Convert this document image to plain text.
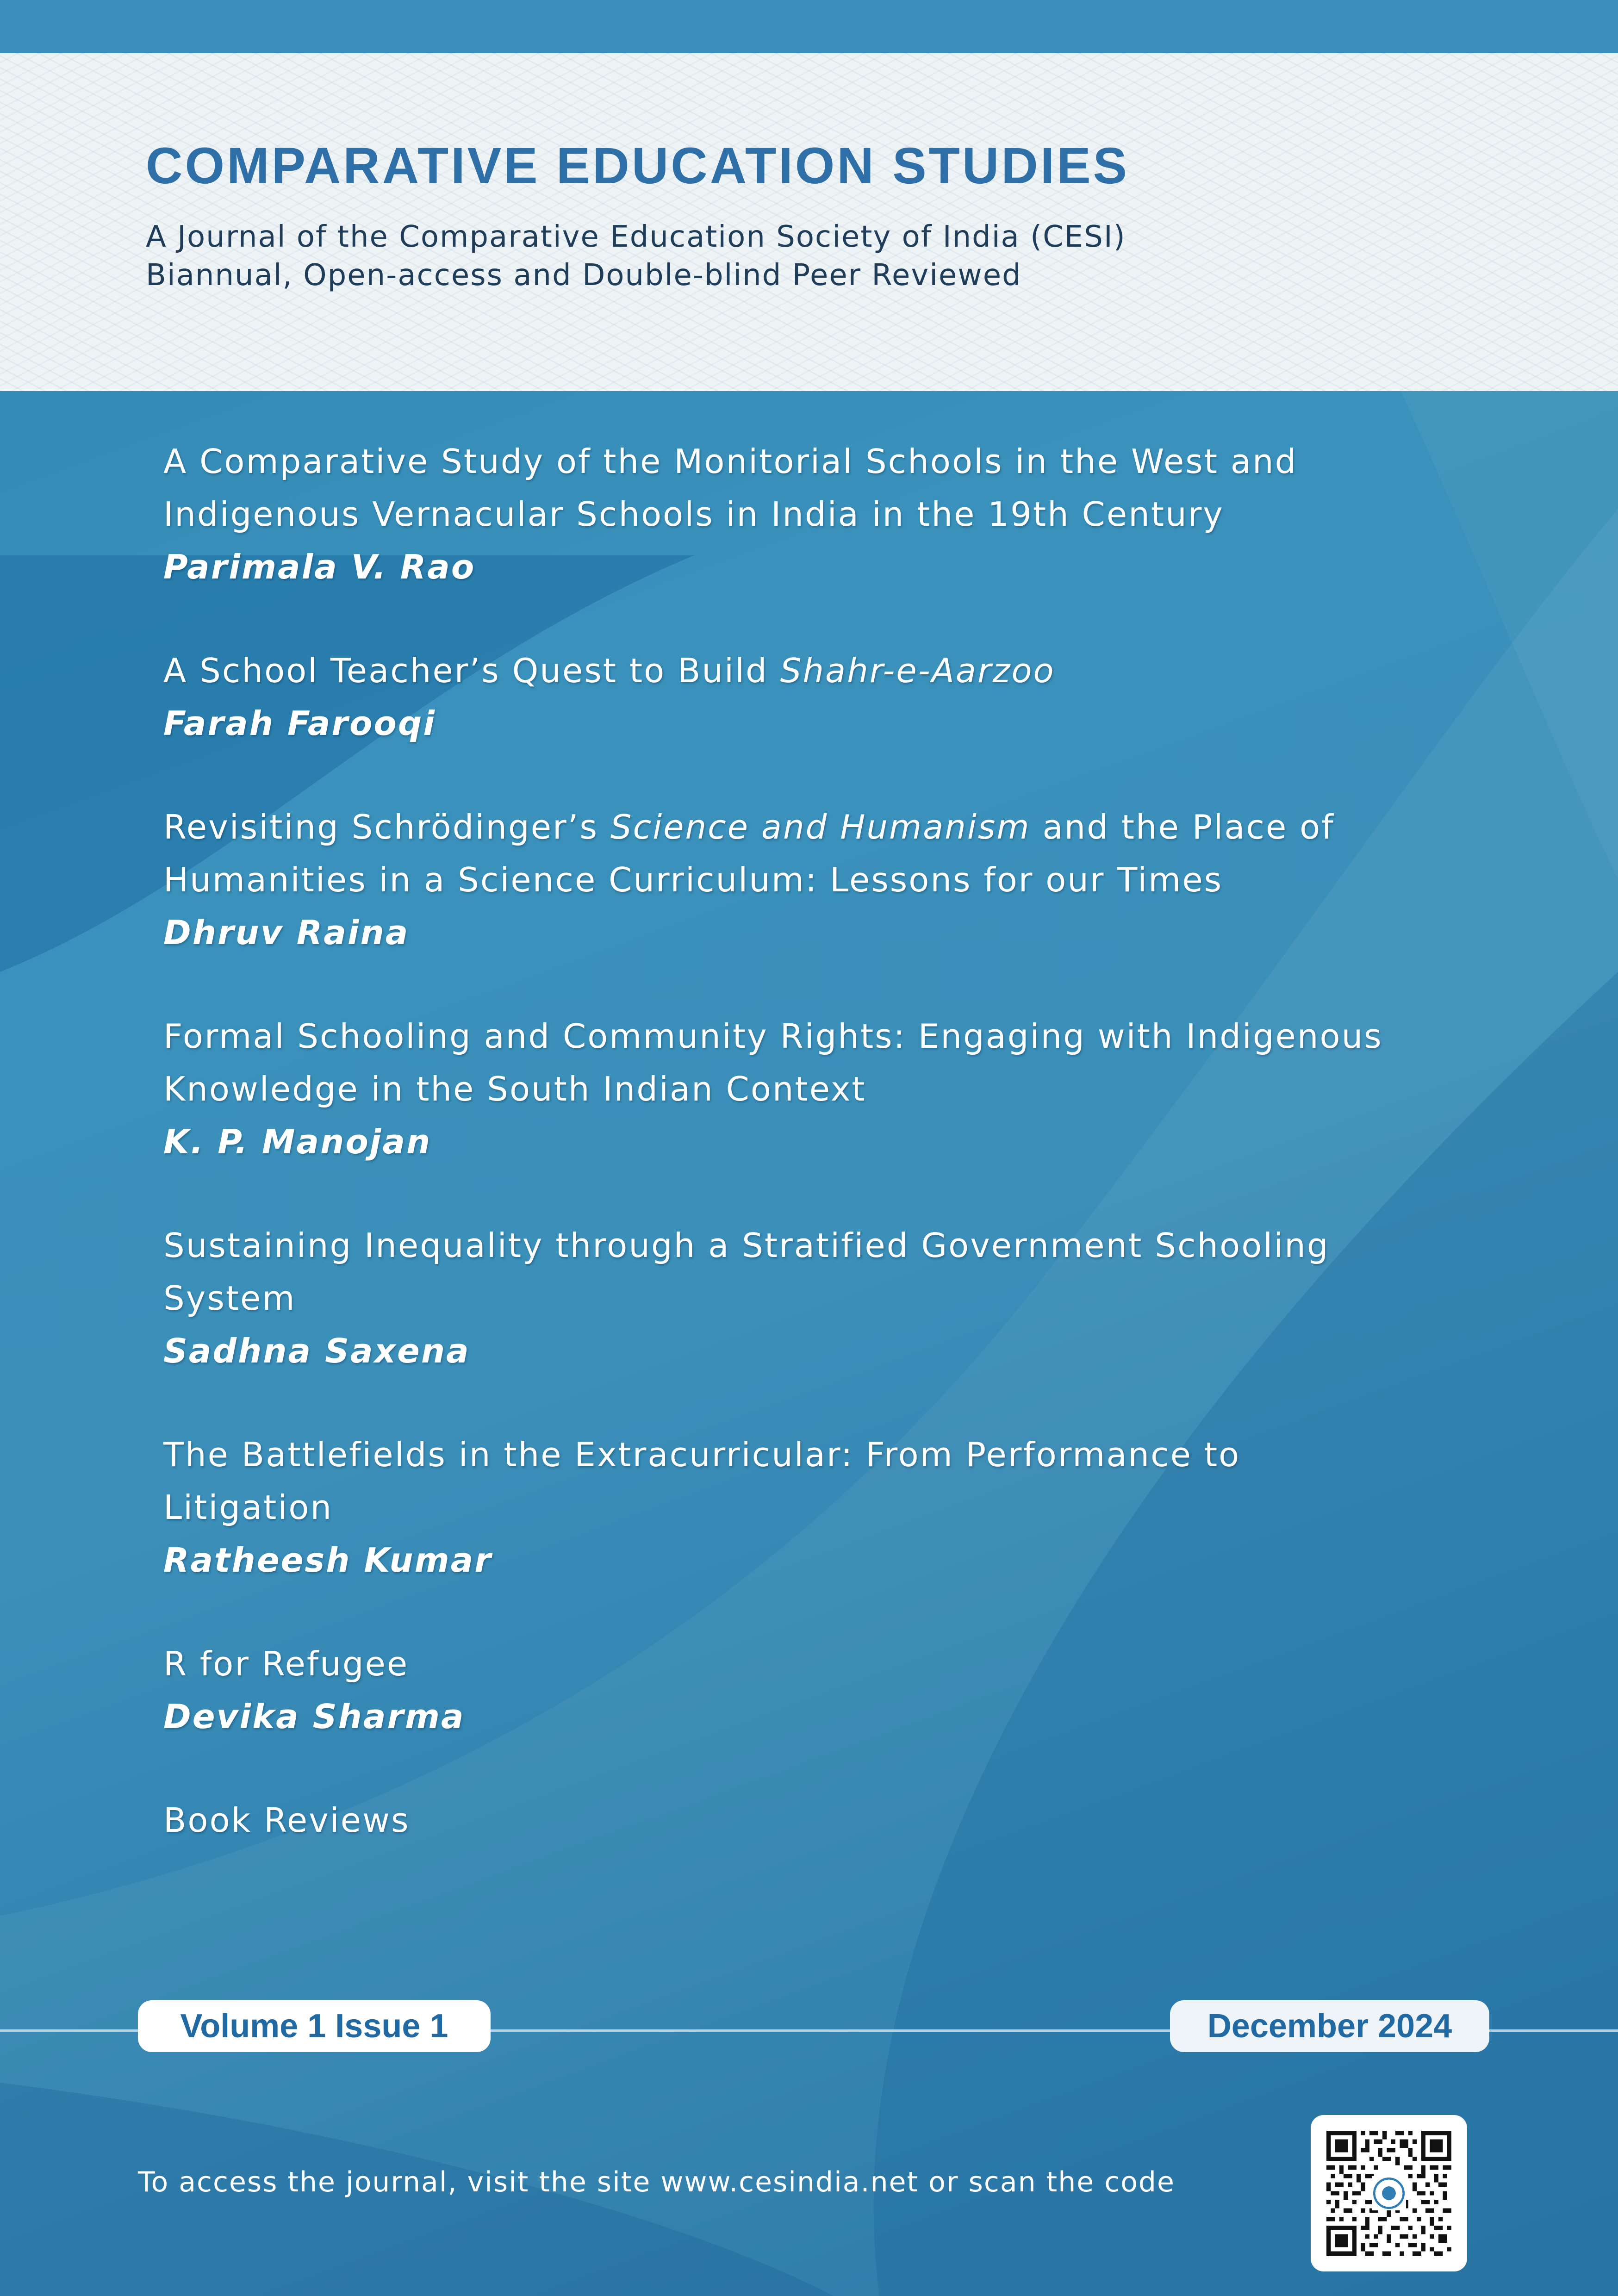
COMPARATIVE EDUCATION STUDIES
A Journal of the Comparative Education Society of India (CESI)
Biannual, Open-access and Double-blind Peer Reviewed

A Comparative Study of the Monitorial Schools in the West and
Indigenous Vernacular Schools in India in the 19th Century

Parimala V. Rao

A School Teacher’s Quest to Build Shahr-e-Aarzoo

Farah Farooqi

Revisiting Schrödinger’s Science and Humanism and the Place of
Humanities in a Science Curriculum: Lessons for our Times

Dhruv Raina

Formal Schooling and Community Rights: Engaging with Indigenous
Knowledge in the South Indian Context

K. P. Manojan

Sustaining Inequality through a Stratified Government Schooling
System

Sadhna Saxena

The Battlefields in the Extracurricular: From Performance to Litigation

Ratheesh Kumar

R for Refugee

Devika Sharma

Book Reviews

Volume 1 Issue 1	December 2024
To access the journal, visit the site www.cesindia.net or scan the code
